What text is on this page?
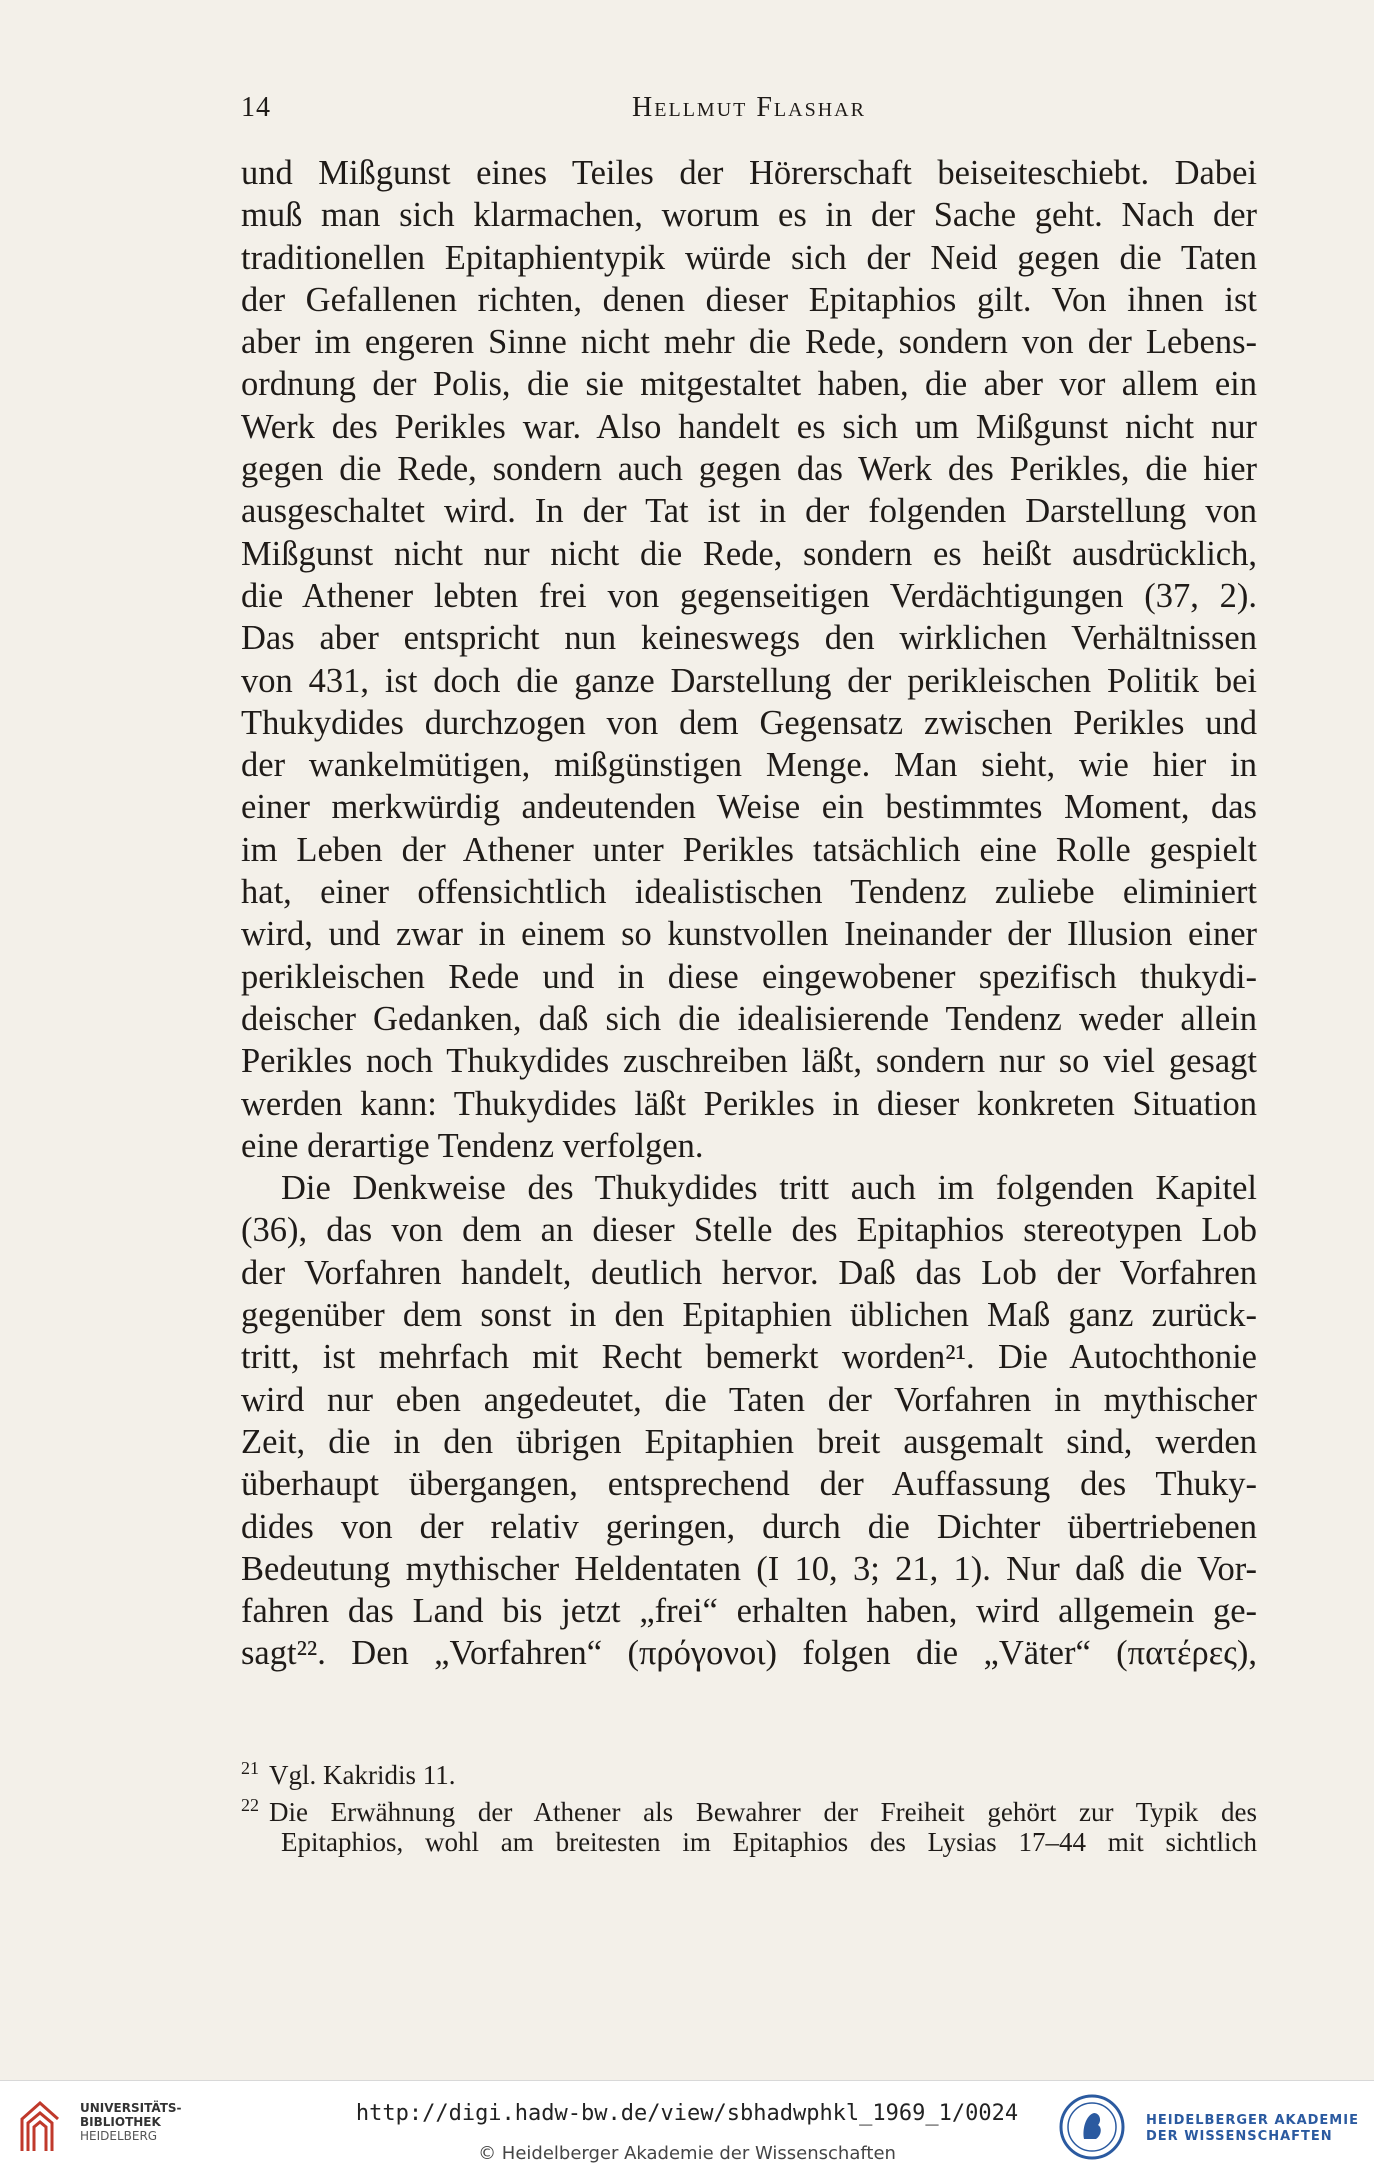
14	Hellmut Flashar
und Mißgunst eines Teiles der Hörerschaft beiseiteschiebt. Dabei
muß man sich klarmachen, worum es in der Sache geht. Nach der
traditionellen Epitaphientypik würde sich der Neid gegen die Taten
der Gefallenen richten, denen dieser Epitaphios gilt. Von ihnen ist
aber im engeren Sinne nicht mehr die Rede, sondern von der Lebens-
ordnung der Polis, die sie mitgestaltet haben, die aber vor allem ein
Werk des Perikles war. Also handelt es sich um Mißgunst nicht nur
gegen die Rede, sondern auch gegen das Werk des Perikles, die hier
ausgeschaltet wird. In der Tat ist in der folgenden Darstellung von
Mißgunst nicht nur nicht die Rede, sondern es heißt ausdrücklich,
die Athener lebten frei von gegenseitigen Verdächtigungen (37, 2).
Das aber entspricht nun keineswegs den wirklichen Verhältnissen
von 431, ist doch die ganze Darstellung der perikleischen Politik bei
Thukydides durchzogen von dem Gegensatz zwischen Perikles und
der wankelmütigen, mißgünstigen Menge. Man sieht, wie hier in
einer merkwürdig andeutenden Weise ein bestimmtes Moment, das
im Leben der Athener unter Perikles tatsächlich eine Rolle gespielt
hat, einer offensichtlich idealistischen Tendenz zuliebe eliminiert
wird, und zwar in einem so kunstvollen Ineinander der Illusion einer
perikleischen Rede und in diese eingewobener spezifisch thukydi-
deischer Gedanken, daß sich die idealisierende Tendenz weder allein
Perikles noch Thukydides zuschreiben läßt, sondern nur so viel gesagt
werden kann: Thukydides läßt Perikles in dieser konkreten Situation
eine derartige Tendenz verfolgen.
Die Denkweise des Thukydides tritt auch im folgenden Kapitel
(36), das von dem an dieser Stelle des Epitaphios stereotypen Lob
der Vorfahren handelt, deutlich hervor. Daß das Lob der Vorfahren
gegenüber dem sonst in den Epitaphien üblichen Maß ganz zurück-
tritt, ist mehrfach mit Recht bemerkt worden²¹. Die Autochthonie
wird nur eben angedeutet, die Taten der Vorfahren in mythischer
Zeit, die in den übrigen Epitaphien breit ausgemalt sind, werden
überhaupt übergangen, entsprechend der Auffassung des Thuky-
dides von der relativ geringen, durch die Dichter übertriebenen
Bedeutung mythischer Heldentaten (I 10, 3; 21, 1). Nur daß die Vor-
fahren das Land bis jetzt „frei“ erhalten haben, wird allgemein ge-
sagt²². Den „Vorfahren“ (πρόγονοι) folgen die „Väter“ (πατέρες),
$^{21}$ Vgl. Kakridis 11.
$^{22}$ Die Erwähnung der Athener als Bewahrer der Freiheit gehört zur Typik des
Epitaphios, wohl am breitesten im Epitaphios des Lysias 17–44 mit sichtlich
UNIVERSITÄTS-
BIBLIOTHEK
HEIDELBERG
http://digi.hadw-bw.de/view/sbhadwphkl_1969_1/0024
© Heidelberger Akademie der Wissenschaften
HEIDELBERGER AKADEMIE
DER WISSENSCHAFTEN
